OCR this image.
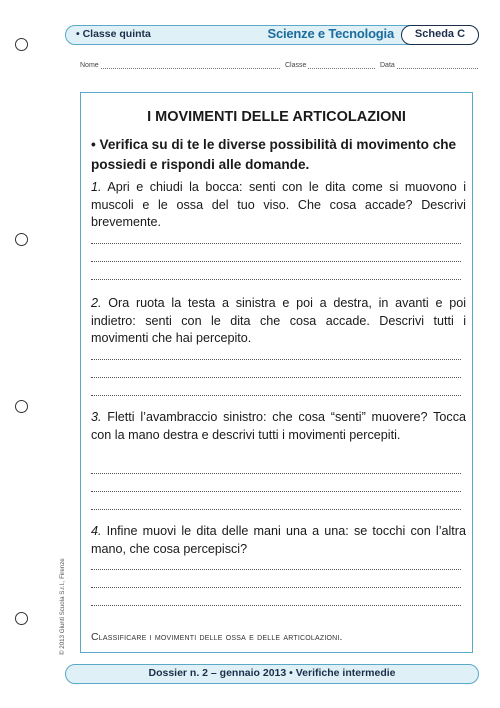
• Classe quinta	Scienze e Tecnologia	Scheda C
Nome	Classe	Data
I MOVIMENTI DELLE ARTICOLAZIONI
• Verifica su di te le diverse possibilità di movimento che possiedi e rispondi alle domande.
1. Apri e chiudi la bocca: senti con le dita come si muovono i muscoli e le ossa del tuo viso. Che cosa accade? Descrivi brevemente.
2. Ora ruota la testa a sinistra e poi a destra, in avanti e poi indietro: senti con le dita che cosa accade. Descrivi tutti i movimenti che hai percepito.
3. Fletti l’avambraccio sinistro: che cosa “senti” muovere? Tocca con la mano destra e descrivi tutti i movimenti percepiti.
4. Infine muovi le dita delle mani una a una: se tocchi con l’altra mano, che cosa percepisci?
Classificare i movimenti delle ossa e delle articolazioni.
© 2013 Giunti Scuola S.r.l., Firenze
Dossier n. 2 – gennaio 2013 • Verifiche intermedie
